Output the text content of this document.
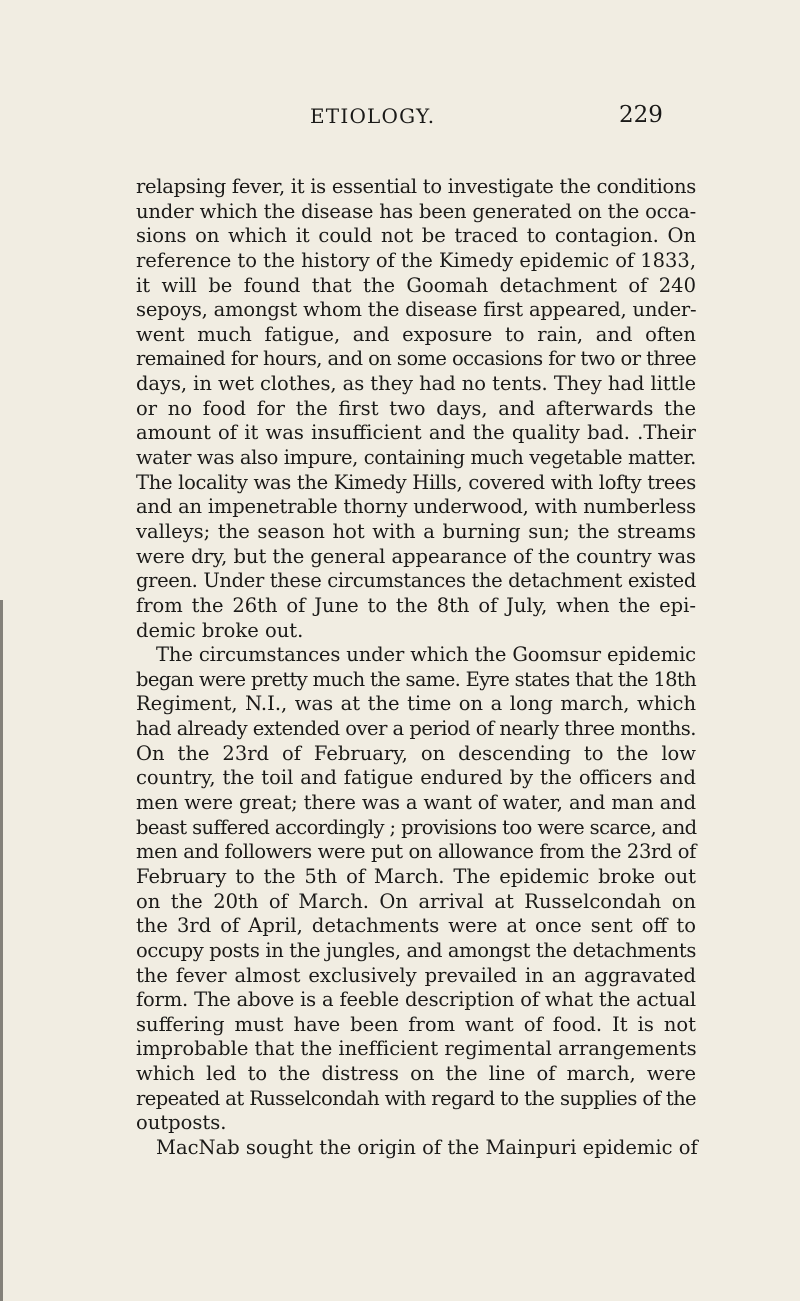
ETIOLOGY.	229
relapsing fever, it is essential to investigate the conditions
under which the disease has been generated on the occa-
sions on which it could not be traced to contagion. On
reference to the history of the Kimedy epidemic of 1833,
it will be found that the Goomah detachment of 240
sepoys, amongst whom the disease first appeared, under-
went much fatigue, and exposure to rain, and often
remained for hours, and on some occasions for two or three
days, in wet clothes, as they had no tents. They had little
or no food for the first two days, and afterwards the
amount of it was insufficient and the quality bad. .Their
water was also impure, containing much vegetable matter.
The locality was the Kimedy Hills, covered with lofty trees
and an impenetrable thorny underwood, with numberless
valleys; the season hot with a burning sun; the streams
were dry, but the general appearance of the country was
green. Under these circumstances the detachment existed
from the 26th of June to the 8th of July, when the epi-
demic broke out.
The circumstances under which the Goomsur epidemic
began were pretty much the same. Eyre states that the 18th
Regiment, N.I., was at the time on a long march, which
had already extended over a period of nearly three months.
On the 23rd of February, on descending to the low
country, the toil and fatigue endured by the officers and
men were great; there was a want of water, and man and
beast suffered accordingly ; provisions too were scarce, and
men and followers were put on allowance from the 23rd of
February to the 5th of March. The epidemic broke out
on the 20th of March. On arrival at Russelcondah on
the 3rd of April, detachments were at once sent off to
occupy posts in the jungles, and amongst the detachments
the fever almost exclusively prevailed in an aggravated
form. The above is a feeble description of what the actual
suffering must have been from want of food. It is not
improbable that the inefficient regimental arrangements
which led to the distress on the line of march, were
repeated at Russelcondah with regard to the supplies of the
outposts.
MacNab sought the origin of the Mainpuri epidemic of
